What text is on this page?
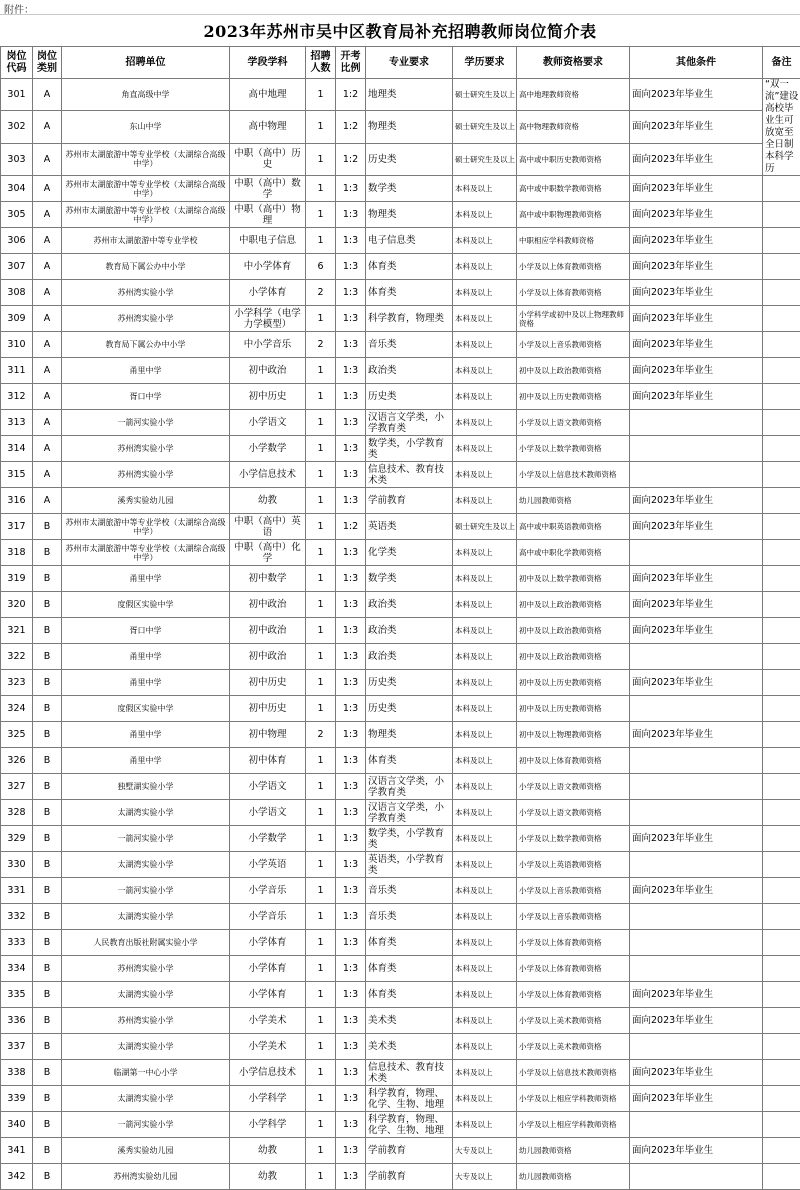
附件：
2023年苏州市吴中区教育局补充招聘教师岗位简介表
岗位代码	岗位类别	招聘单位	学段学科	招聘人数	开考比例	专业要求	学历要求	教师资格要求	其他条件	备注
301	A	角直高级中学	高中地理	1	1:2	地理类	硕士研究生及以上	高中地理教师资格	面向2023年毕业生	“双一流”建设高校毕业生可放宽至全日制本科学历
302	A	东山中学	高中物理	1	1:2	物理类	硕士研究生及以上	高中物理教师资格	面向2023年毕业生	
303	A	苏州市太湖旅游中等专业学校（太湖综合高级中学）	中职（高中）历史	1	1:2	历史类	硕士研究生及以上	高中或中职历史教师资格	面向2023年毕业生	
304	A	苏州市太湖旅游中等专业学校（太湖综合高级中学）	中职（高中）数学	1	1:3	数学类	本科及以上	高中或中职数学教师资格	面向2023年毕业生	
305	A	苏州市太湖旅游中等专业学校（太湖综合高级中学）	中职（高中）物理	1	1:3	物理类	本科及以上	高中或中职物理教师资格	面向2023年毕业生	
306	A	苏州市太湖旅游中等专业学校	中职电子信息	1	1:3	电子信息类	本科及以上	中职相应学科教师资格	面向2023年毕业生	
307	A	教育局下属公办中小学	中小学体育	6	1:3	体育类	本科及以上	小学及以上体育教师资格	面向2023年毕业生	
308	A	苏州湾实验小学	小学体育	2	1:3	体育类	本科及以上	小学及以上体育教师资格	面向2023年毕业生	
309	A	苏州湾实验小学	小学科学（电学力学模型）	1	1:3	科学教育，物理类	本科及以上	小学科学或初中及以上物理教师资格	面向2023年毕业生	
310	A	教育局下属公办中小学	中小学音乐	2	1:3	音乐类	本科及以上	小学及以上音乐教师资格	面向2023年毕业生	
311	A	甬里中学	初中政治	1	1:3	政治类	本科及以上	初中及以上政治教师资格	面向2023年毕业生	
312	A	胥口中学	初中历史	1	1:3	历史类	本科及以上	初中及以上历史教师资格	面向2023年毕业生	
313	A	一箭河实验小学	小学语文	1	1:3	汉语言文学类，小学教育类	本科及以上	小学及以上语文教师资格		
314	A	苏州湾实验小学	小学数学	1	1:3	数学类，小学教育类	本科及以上	小学及以上数学教师资格		
315	A	苏州湾实验小学	小学信息技术	1	1:3	信息技术、教育技术类	本科及以上	小学及以上信息技术教师资格		
316	A	溪秀实验幼儿园	幼教	1	1:3	学前教育	本科及以上	幼儿园教师资格	面向2023年毕业生	
317	B	苏州市太湖旅游中等专业学校（太湖综合高级中学）	中职（高中）英语	1	1:2	英语类	硕士研究生及以上	高中或中职英语教师资格	面向2023年毕业生	
318	B	苏州市太湖旅游中等专业学校（太湖综合高级中学）	中职（高中）化学	1	1:3	化学类	本科及以上	高中或中职化学教师资格		
319	B	甬里中学	初中数学	1	1:3	数学类	本科及以上	初中及以上数学教师资格	面向2023年毕业生	
320	B	度假区实验中学	初中政治	1	1:3	政治类	本科及以上	初中及以上政治教师资格	面向2023年毕业生	
321	B	胥口中学	初中政治	1	1:3	政治类	本科及以上	初中及以上政治教师资格	面向2023年毕业生	
322	B	甬里中学	初中政治	1	1:3	政治类	本科及以上	初中及以上政治教师资格		
323	B	甬里中学	初中历史	1	1:3	历史类	本科及以上	初中及以上历史教师资格	面向2023年毕业生	
324	B	度假区实验中学	初中历史	1	1:3	历史类	本科及以上	初中及以上历史教师资格		
325	B	甬里中学	初中物理	2	1:3	物理类	本科及以上	初中及以上物理教师资格	面向2023年毕业生	
326	B	甬里中学	初中体育	1	1:3	体育类	本科及以上	初中及以上体育教师资格		
327	B	独墅湖实验小学	小学语文	1	1:3	汉语言文学类，小学教育类	本科及以上	小学及以上语文教师资格		
328	B	太湖湾实验小学	小学语文	1	1:3	汉语言文学类，小学教育类	本科及以上	小学及以上语文教师资格		
329	B	一箭河实验小学	小学数学	1	1:3	数学类，小学教育类	本科及以上	小学及以上数学教师资格	面向2023年毕业生	
330	B	太湖湾实验小学	小学英语	1	1:3	英语类，小学教育类	本科及以上	小学及以上英语教师资格		
331	B	一箭河实验小学	小学音乐	1	1:3	音乐类	本科及以上	小学及以上音乐教师资格	面向2023年毕业生	
332	B	太湖湾实验小学	小学音乐	1	1:3	音乐类	本科及以上	小学及以上音乐教师资格		
333	B	人民教育出版社附属实验小学	小学体育	1	1:3	体育类	本科及以上	小学及以上体育教师资格		
334	B	苏州湾实验小学	小学体育	1	1:3	体育类	本科及以上	小学及以上体育教师资格		
335	B	太湖湾实验小学	小学体育	1	1:3	体育类	本科及以上	小学及以上体育教师资格	面向2023年毕业生	
336	B	苏州湾实验小学	小学美术	1	1:3	美术类	本科及以上	小学及以上美术教师资格	面向2023年毕业生	
337	B	太湖湾实验小学	小学美术	1	1:3	美术类	本科及以上	小学及以上美术教师资格		
338	B	临湖第一中心小学	小学信息技术	1	1:3	信息技术、教育技术类	本科及以上	小学及以上信息技术教师资格	面向2023年毕业生	
339	B	太湖湾实验小学	小学科学	1	1:3	科学教育，物理、化学、生物、地理	本科及以上	小学及以上相应学科教师资格	面向2023年毕业生	
340	B	一箭河实验小学	小学科学	1	1:3	科学教育，物理、化学、生物、地理	本科及以上	小学及以上相应学科教师资格		
341	B	溪秀实验幼儿园	幼教	1	1:3	学前教育	大专及以上	幼儿园教师资格	面向2023年毕业生	
342	B	苏州湾实验幼儿园	幼教	1	1:3	学前教育	大专及以上	幼儿园教师资格		
